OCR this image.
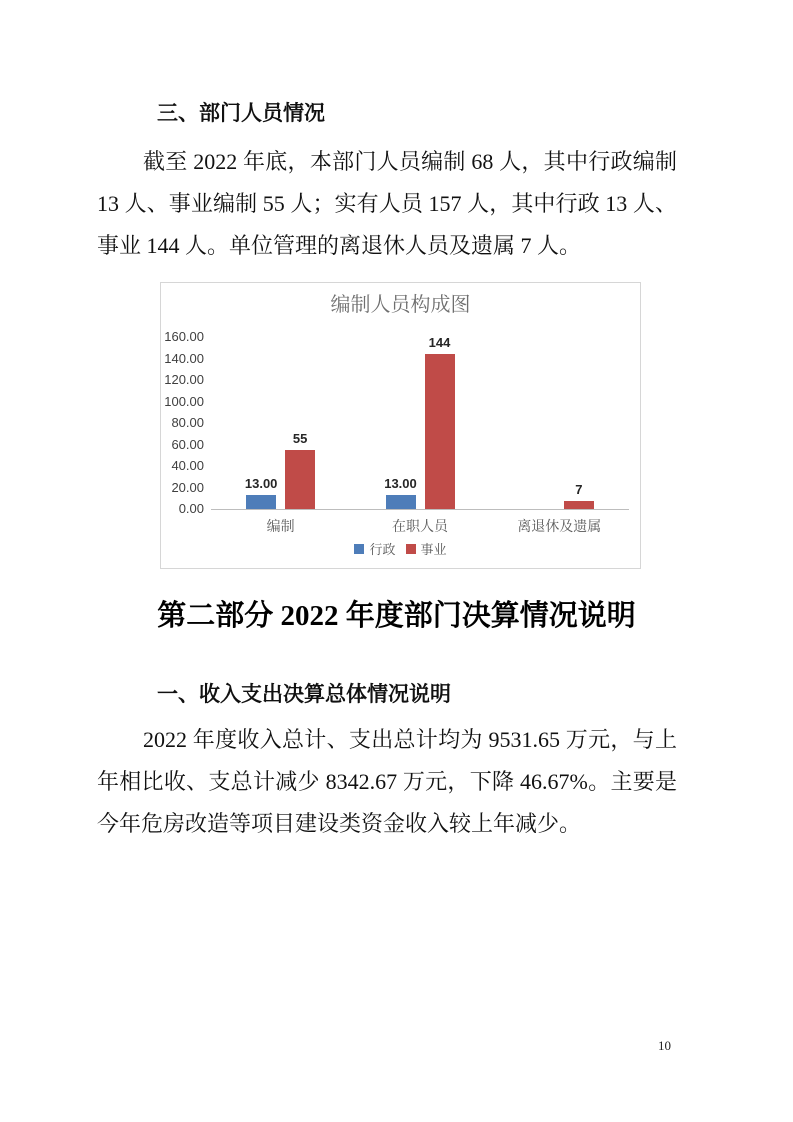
三、部门人员情况

截至 2022 年底，本部门人员编制 68 人，其中行政编制 13 人、事业编制 55 人；实有人员 157 人，其中行政 13 人、事业 144 人。单位管理的离退休人员及遗属 7 人。

编制人员构成图
160.00
140.00
120.00
100.00
80.00
60.00
40.00
20.00
0.00
13.00	13.00
55
144
7
编制	在职人员	离退休及遗属
行政 事业
第二部分 2022 年度部门决算情况说明
一、收入支出决算总体情况说明

2022 年度收入总计、支出总计均为 9531.65 万元，与上年相比收、支总计减少 8342.67 万元，下降 46.67%。主要是今年危房改造等项目建设类资金收入较上年减少。

10
